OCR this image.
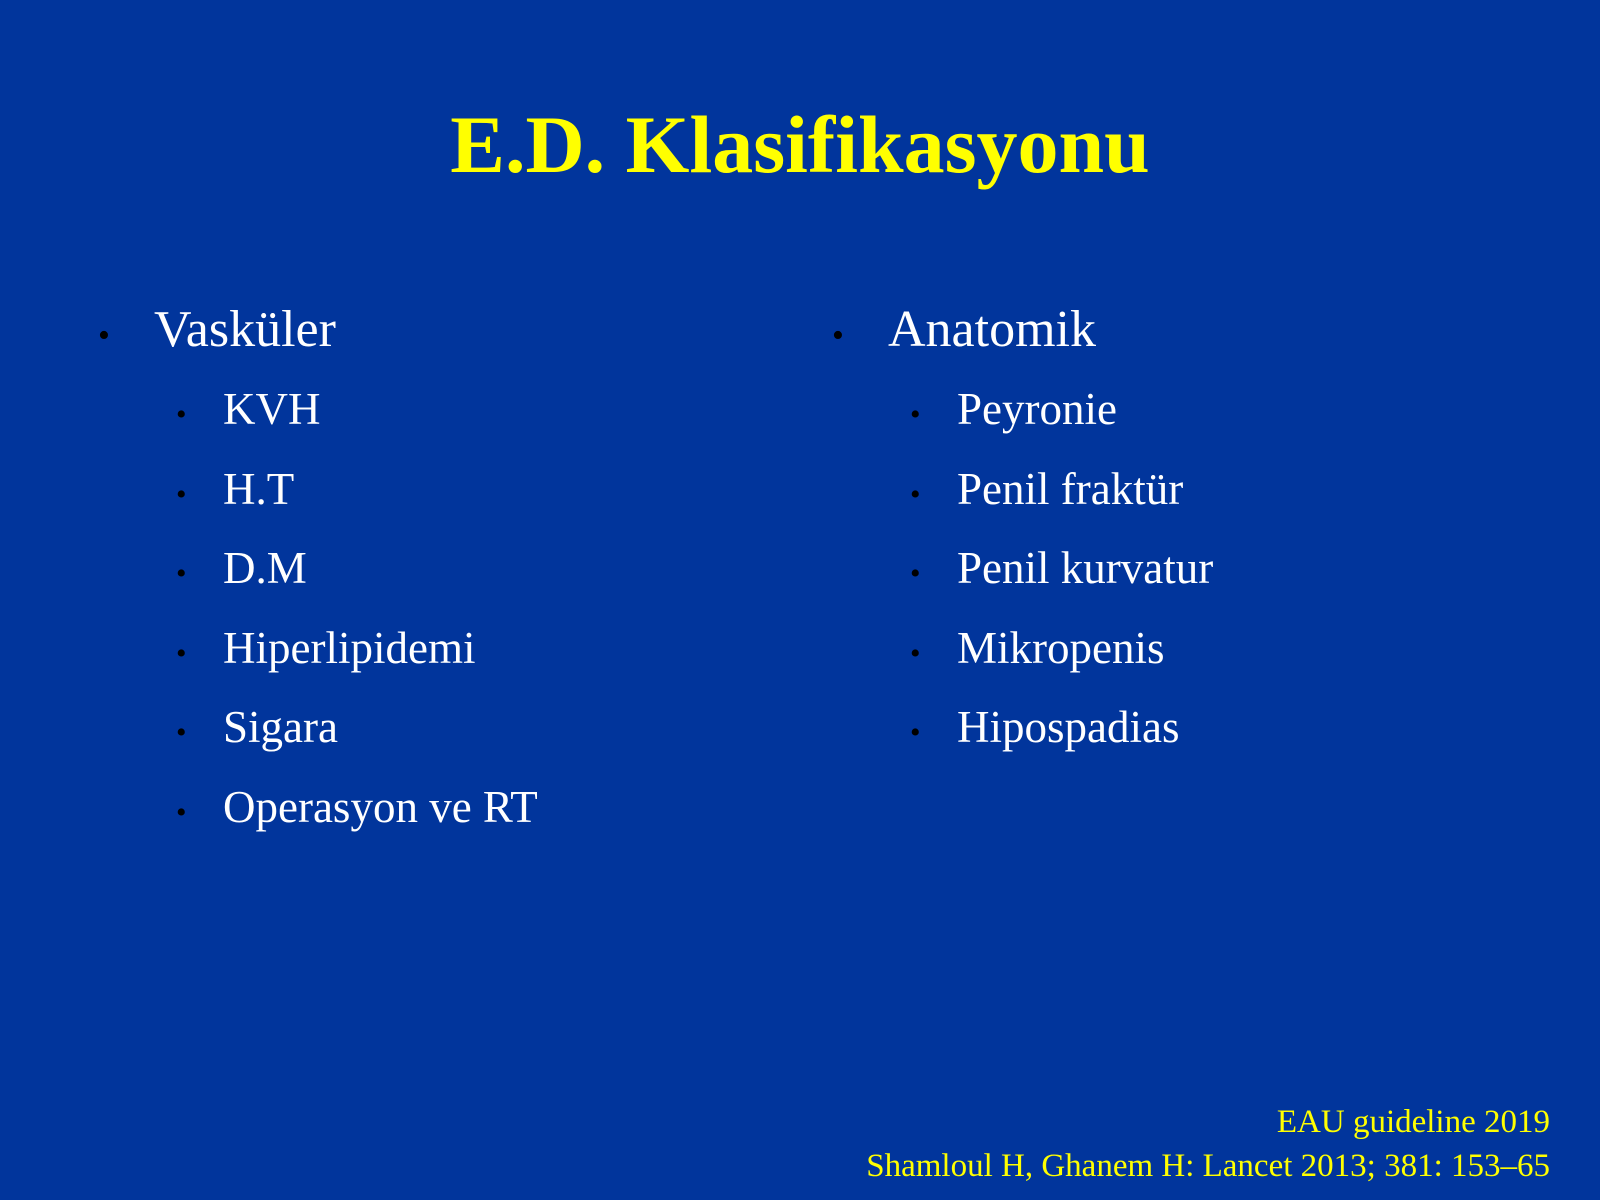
E.D. Klasifikasyonu
• Vasküler
• KVH
• H.T
• D.M
• Hiperlipidemi
• Sigara
• Operasyon ve RT
• Anatomik
• Peyronie
• Penil fraktür
• Penil kurvatur
• Mikropenis
• Hipospadias
EAU guideline 2019
Shamloul H, Ghanem H: Lancet 2013; 381: 153–65
